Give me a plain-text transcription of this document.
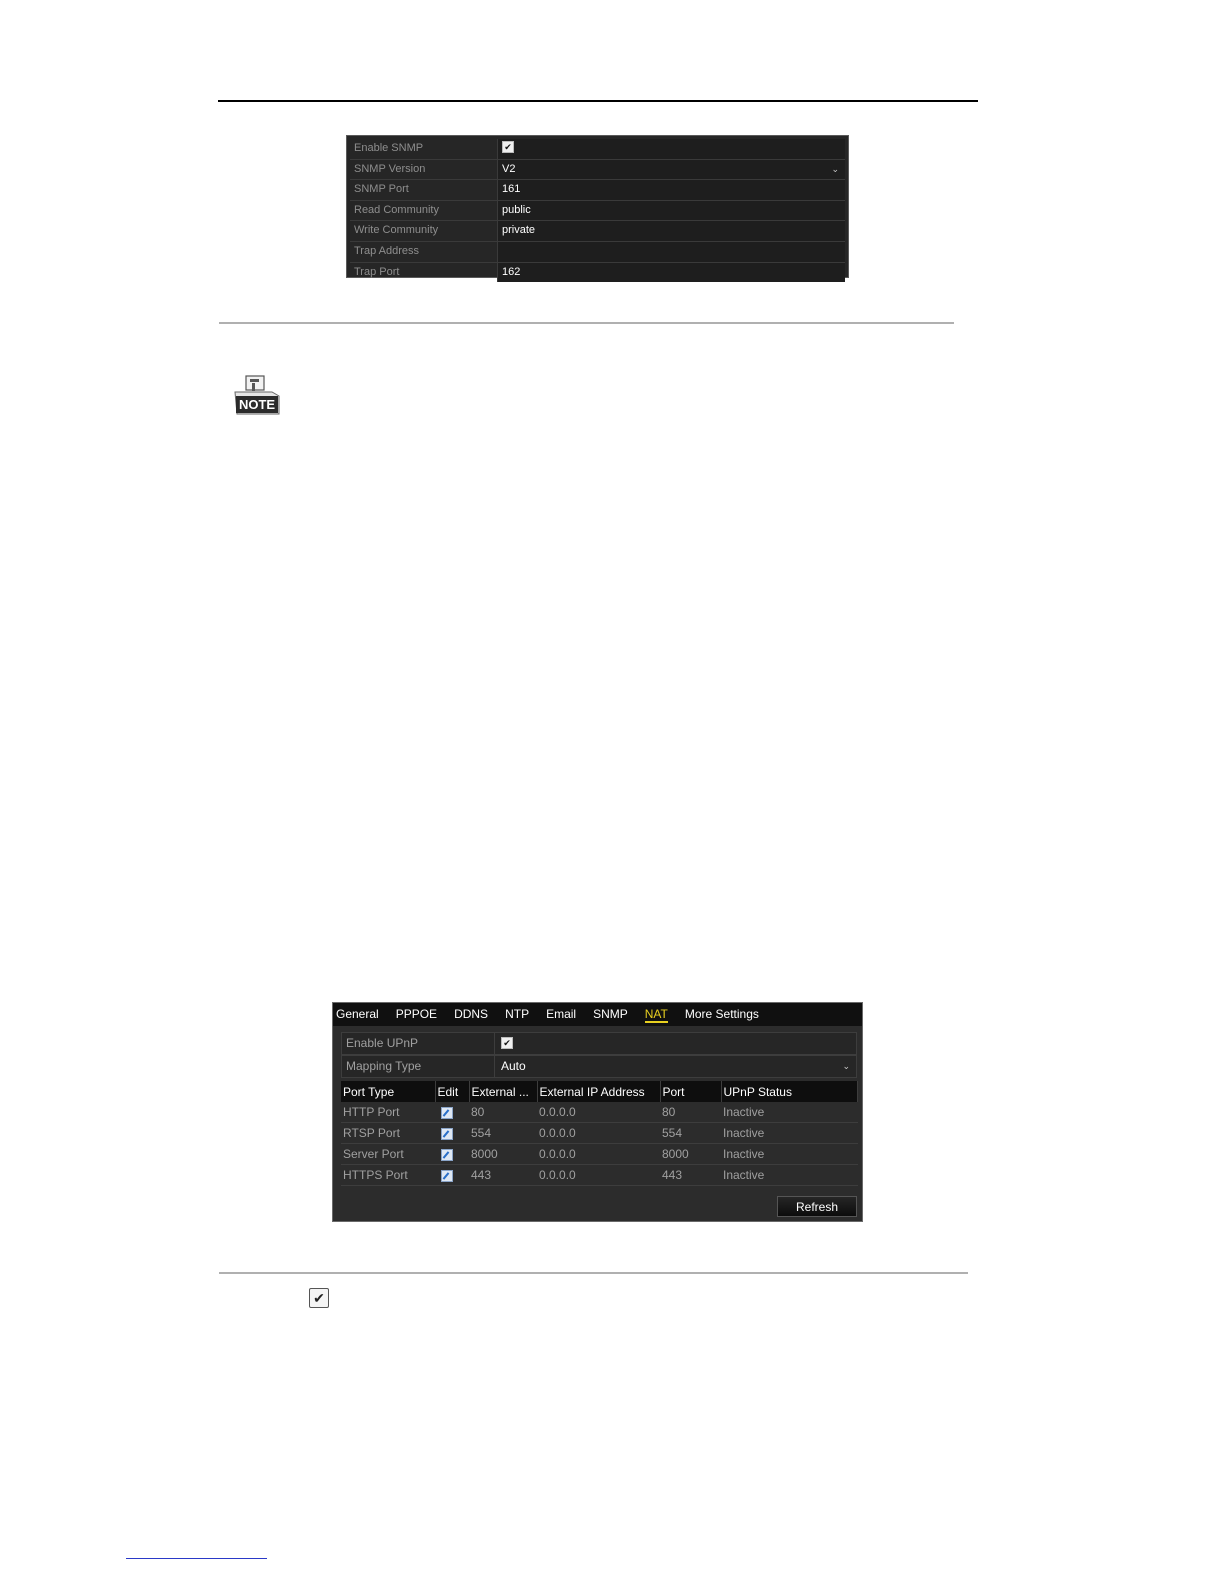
Enable SNMP	✔
SNMP Version	V2	⌄
SNMP Port	161
Read Community	public
Write Community	private
Trap Address
Trap Port	162
NOTE
General PPPOE DDNS NTP Email SNMP NAT More Settings
Enable UPnP	✔
Mapping Type	Auto	⌄
Port Type	Edit	External ...	External IP Address	Port	UPnP Status
HTTP Port		80	0.0.0.0	80	Inactive
RTSP Port		554	0.0.0.0	554	Inactive
Server Port		8000	0.0.0.0	8000	Inactive
HTTPS Port		443	0.0.0.0	443	Inactive
Refresh
✔
